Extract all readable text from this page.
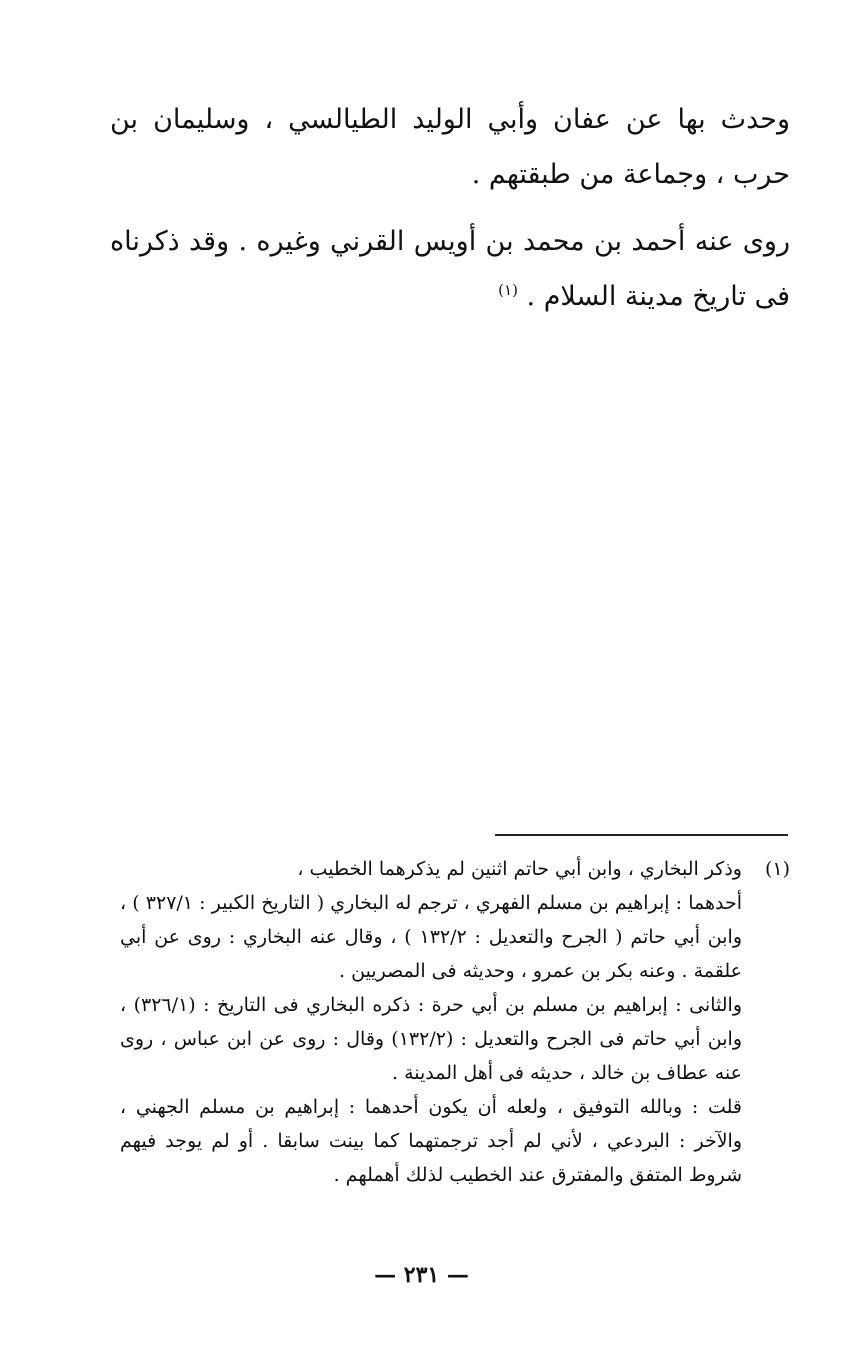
وحدث بها عن عفان وأبي الوليد الطيالسي ، وسليمان بن حرب ، وجماعة من طبقتهم .

روى عنه أحمد بن محمد بن أويس القرني وغيره . وقد ذكرناه فى تاريخ مدينة السلام . $^{(١)}$

(١)
وذكر البخاري ، وابن أبي حاتم اثنين لم يذكرهما الخطيب ،

أحدهما : إبراهيم بن مسلم الفهري ، ترجم له البخاري ( التاريخ الكبير : ٣٢٧/١ ) ، وابن أبي حاتم ( الجرح والتعديل : ١٣٢/٢ ) ، وقال عنه البخاري : روى عن أبي علقمة . وعنه بكر بن عمرو ، وحديثه فى المصريين .

والثانى : إبراهيم بن مسلم بن أبي حرة : ذكره البخاري فى التاريخ : (٣٢٦/١) ، وابن أبي حاتم فى الجرح والتعديل : (١٣٢/٢) وقال : روى عن ابن عباس ، روى عنه عطاف بن خالد ، حديثه فى أهل المدينة .

قلت : وبالله التوفيق ، ولعله أن يكون أحدهما : إبراهيم بن مسلم الجهني ، والآخر : البردعي ، لأني لم أجد ترجمتهما كما بينت سابقا . أو لم يوجد فيهم شروط المتفق والمفترق عند الخطيب لذلك أهملهم .

— ٢٣١ —
